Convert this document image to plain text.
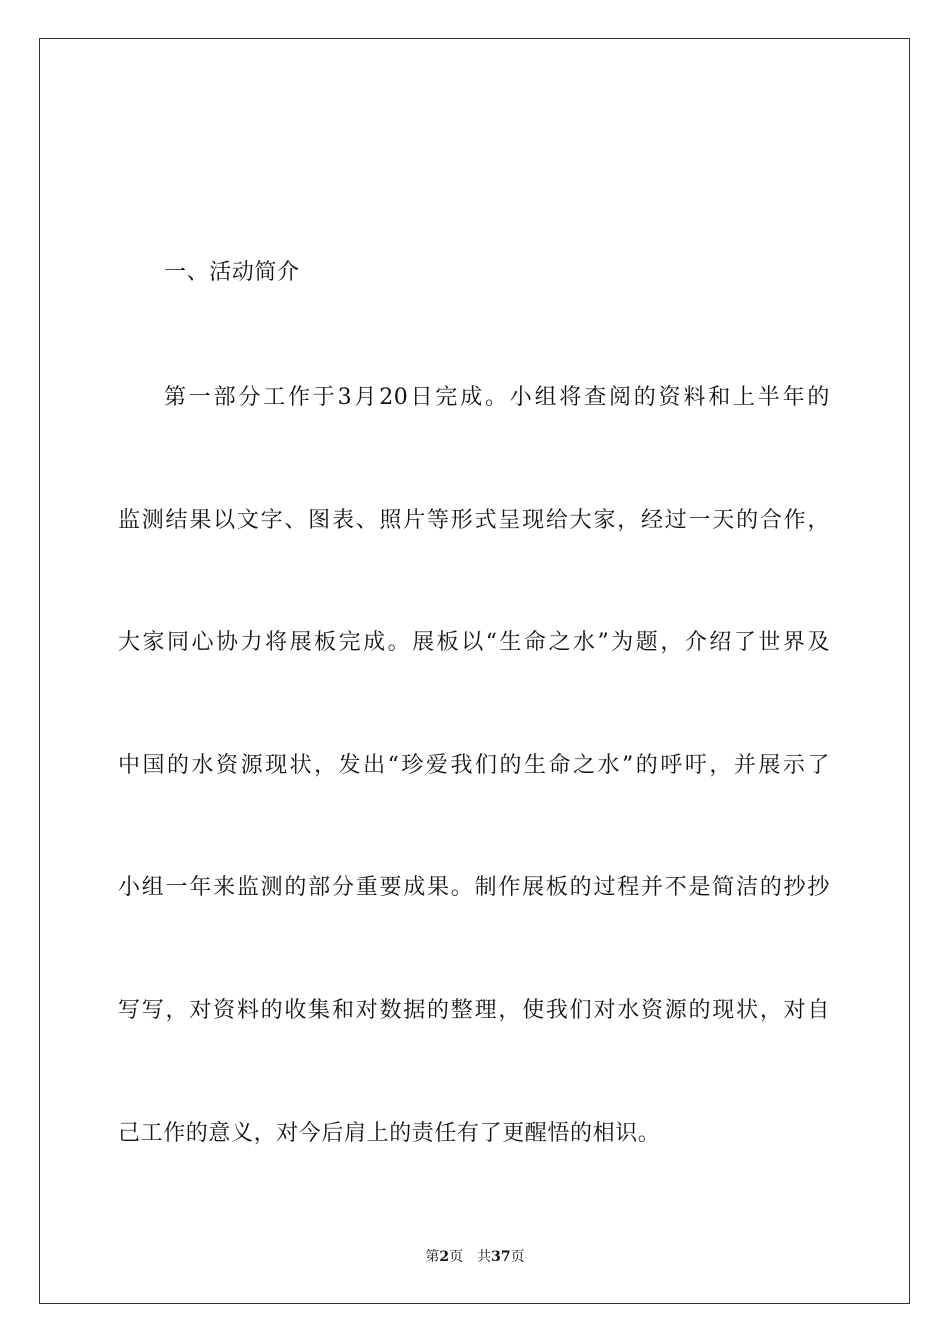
一、活动简介
第一部分工作于3月20日完成。小组将查阅的资料和上半年的
监测结果以文字、图表、照片等形式呈现给大家，经过一天的合作，
大家同心协力将展板完成。展板以“生命之水”为题，介绍了世界及
中国的水资源现状，发出“珍爱我们的生命之水”的呼吁，并展示了
小组一年来监测的部分重要成果。制作展板的过程并不是简洁的抄抄
写写，对资料的收集和对数据的整理，使我们对水资源的现状，对自
己工作的意义，对今后肩上的责任有了更醒悟的相识。
第2页 共37页
